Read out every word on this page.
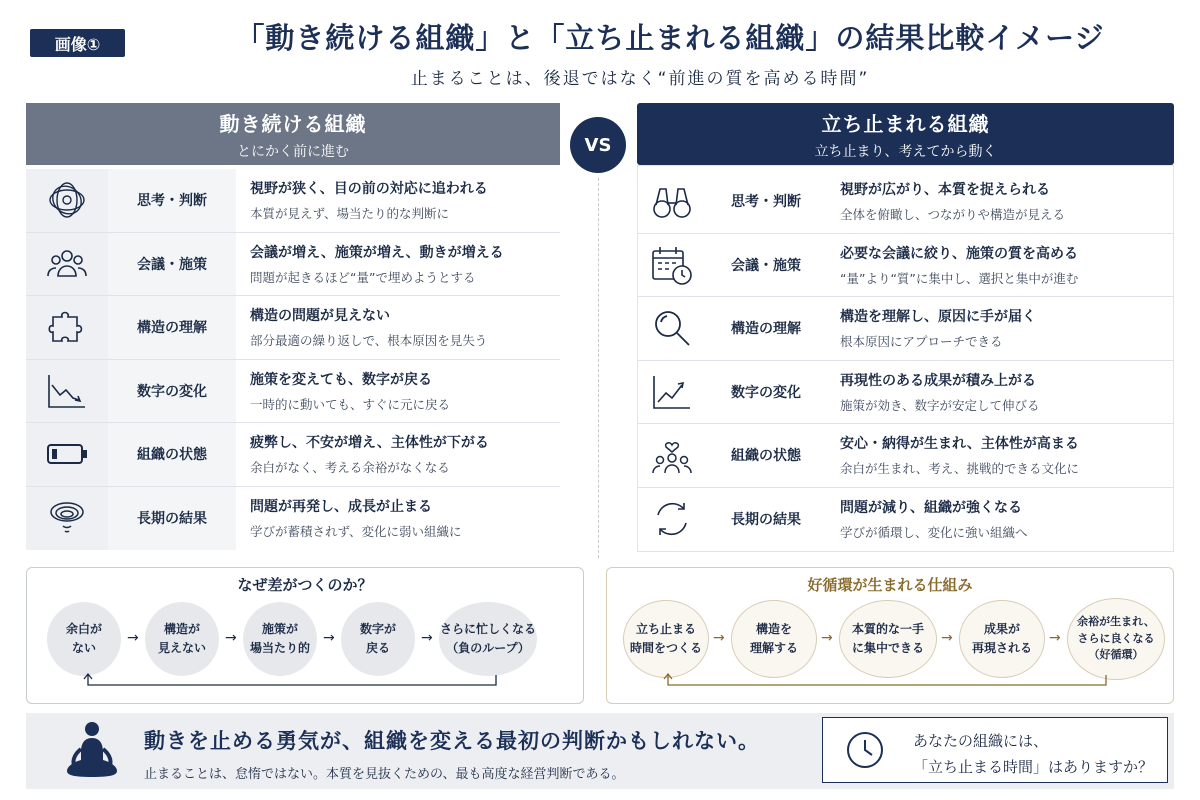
画像①	「動き続ける組織」と「立ち止まれる組織」の結果比較イメージ
止まることは、後退ではなく“前進の質を高める時間”
動き続ける組織
とにかく前に進む	VS
立ち止まれる組織
立ち止まり、考えてから動く
思考・判断
視野が狭く、目の前の対応に追われる
本質が見えず、場当たり的な判断に
会議・施策
会議が増え、施策が増え、動きが増える
問題が起きるほど“量”で埋めようとする
構造の理解
構造の問題が見えない
部分最適の繰り返しで、根本原因を見失う
数字の変化
施策を変えても、数字が戻る
一時的に動いても、すぐに元に戻る
組織の状態
疲弊し、不安が増え、主体性が下がる
余白がなく、考える余裕がなくなる
長期の結果
問題が再発し、成長が止まる
学びが蓄積されず、変化に弱い組織に
思考・判断
視野が広がり、本質を捉えられる
全体を俯瞰し、つながりや構造が見える
会議・施策
必要な会議に絞り、施策の質を高める
“量”より“質”に集中し、選択と集中が進む
構造の理解
構造を理解し、原因に手が届く
根本原因にアプローチできる
数字の変化
再現性のある成果が積み上がる
施策が効き、数字が安定して伸びる
組織の状態
安心・納得が生まれ、主体性が高まる
余白が生まれ、考え、挑戦的できる文化に
長期の結果
問題が減り、組織が強くなる
学びが循環し、変化に強い組織へ
なぜ差がつくのか？
余白が
ない
→
構造が
見えない
→
施策が
場当たり的
→
数字が
戻る
→
さらに忙しくなる
（負のループ）
好循環が生まれる仕組み
立ち止まる
時間をつくる
→
構造を
理解する
→
本質的な一手
に集中できる
→
成果が
再現される
→
余裕が生まれ、
さらに良くなる
（好循環）
動きを止める勇気が、組織を変える最初の判断かもしれない。
止まることは、怠惰ではない。本質を見抜くための、最も高度な経営判断である。
あなたの組織には、
「立ち止まる時間」はありますか？
